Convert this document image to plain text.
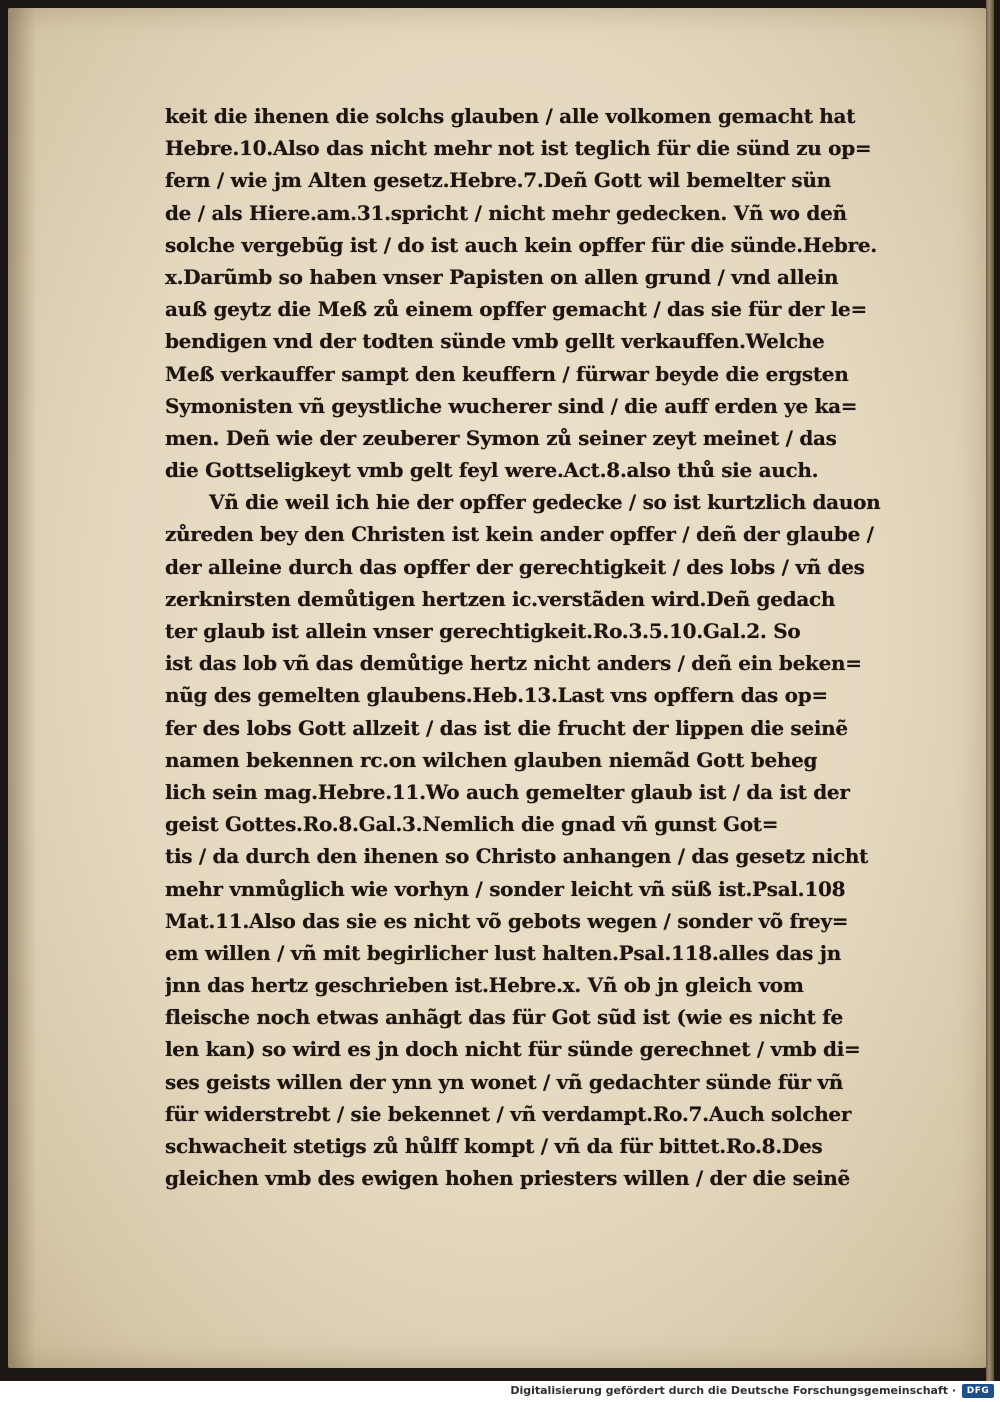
keit die ihenen die solchs glauben / alle volkomen gemacht hat
Hebre.10.Also das nicht mehr not ist teglich für die sünd zu op=
fern / wie jm Alten gesetz.Hebre.7.Deñ Gott wil bemelter sün
de / als Hiere.am.31.spricht / nicht mehr gedecken. Vñ wo deñ
solche vergebũg ist / do ist auch kein opffer für die sünde.Hebre.
x.Darũmb so haben vnser Papisten on allen grund / vnd allein
auß geytz die Meß zů einem opffer gemacht / das sie für der le=
bendigen vnd der todten sünde vmb gellt verkauffen.Welche
Meß verkauffer sampt den keuffern / fürwar beyde die ergsten
Symonisten vñ geystliche wucherer sind / die auff erden ye ka=
men. Deñ wie der zeuberer Symon zů seiner zeyt meinet / das
die Gottseligkeyt vmb gelt feyl were.Act.8.also thů sie auch.
Vñ die weil ich hie der opffer gedecke / so ist kurtzlich dauon
zůreden bey den Christen ist kein ander opffer / deñ der glaube /
der alleine durch das opffer der gerechtigkeit / des lobs / vñ des
zerknirsten demůtigen hertzen ic.verstãden wird.Deñ gedach
ter glaub ist allein vnser gerechtigkeit.Ro.3.5.10.Gal.2. So
ist das lob vñ das demůtige hertz nicht anders / deñ ein beken=
nũg des gemelten glaubens.Heb.13.Last vns opffern das op=
fer des lobs Gott allzeit / das ist die frucht der lippen die seinẽ
namen bekennen rc.on wilchen glauben niemãd Gott beheg
lich sein mag.Hebre.11.Wo auch gemelter glaub ist / da ist der
geist Gottes.Ro.8.Gal.3.Nemlich die gnad vñ gunst Got=
tis / da durch den ihenen so Christo anhangen / das gesetz nicht
mehr vnmůglich wie vorhyn / sonder leicht vñ süß ist.Psal.108
Mat.11.Also das sie es nicht võ gebots wegen / sonder võ frey=
em willen / vñ mit begirlicher lust halten.Psal.118.alles das jn
jnn das hertz geschrieben ist.Hebre.x. Vñ ob jn gleich vom
fleische noch etwas anhãgt das für Got sũd ist (wie es nicht fe
len kan) so wird es jn doch nicht für sünde gerechnet / vmb di=
ses geists willen der ynn yn wonet / vñ gedachter sünde für vñ
für widerstrebt / sie bekennet / vñ verdampt.Ro.7.Auch solcher
schwacheit stetigs zů hůlff kompt / vñ da für bittet.Ro.8.Des
gleichen vmb des ewigen hohen priesters willen / der die seinẽ
Digitalisierung gefördert durch die Deutsche Forschungsgemeinschaft ·	DFG
